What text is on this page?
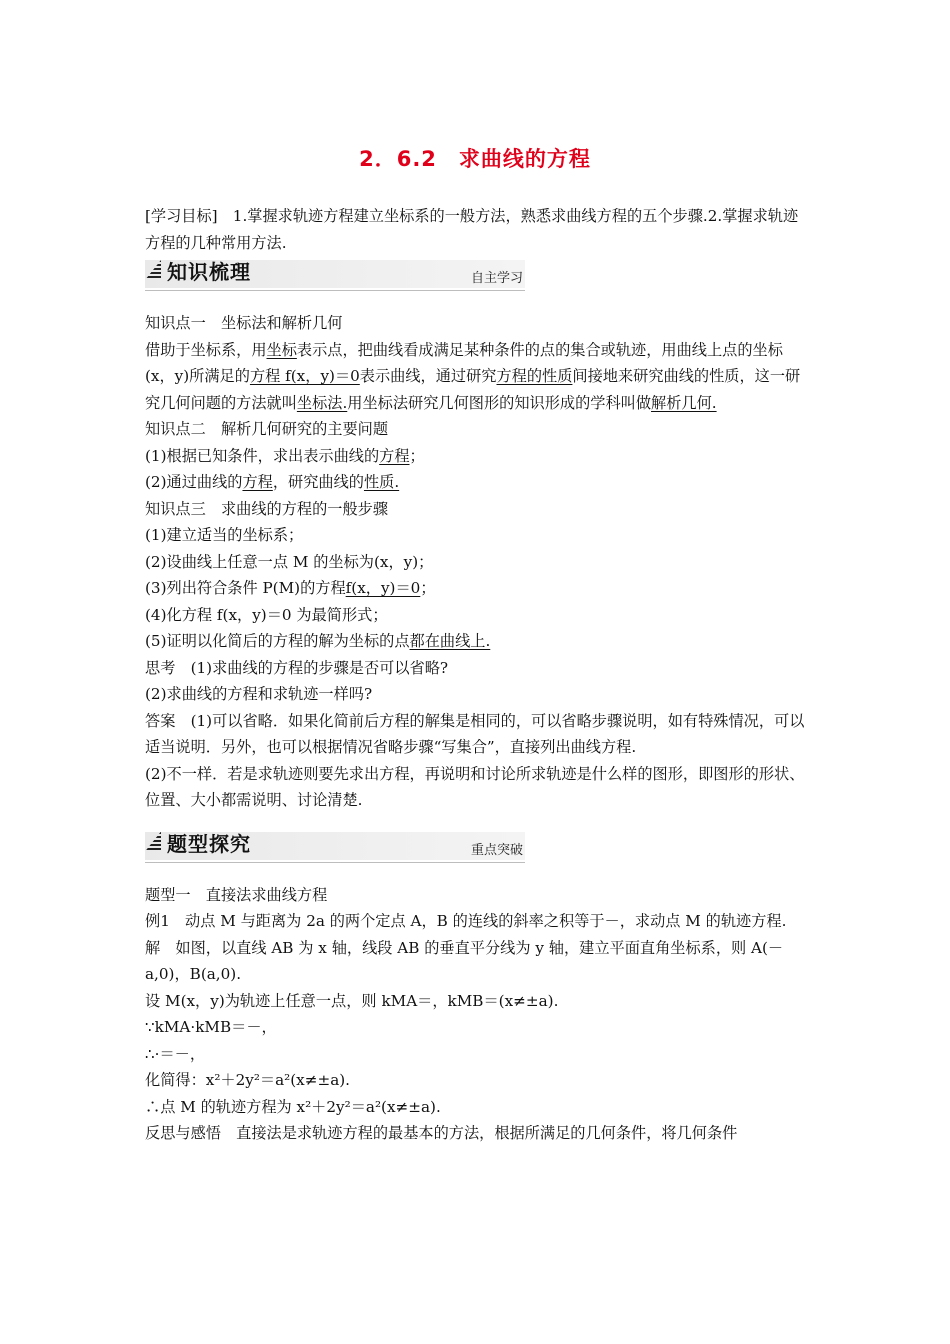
2．6.2　求曲线的方程

[学习目标]　1.掌握求轨迹方程建立坐标系的一般方法，熟悉求曲线方程的五个步骤.2.掌握求轨迹方程的几种常用方法.

知识梳理	自主学习

知识点一　坐标法和解析几何

借助于坐标系，用坐标表示点，把曲线看成满足某种条件的点的集合或轨迹，用曲线上点的坐标(x，y)所满足的方程 f(x，y)＝0表示曲线，通过研究方程的性质间接地来研究曲线的性质，这一研究几何问题的方法就叫坐标法.用坐标法研究几何图形的知识形成的学科叫做解析几何.

知识点二　解析几何研究的主要问题

(1)根据已知条件，求出表示曲线的方程；

(2)通过曲线的方程，研究曲线的性质.

知识点三　求曲线的方程的一般步骤

(1)建立适当的坐标系；

(2)设曲线上任意一点 M 的坐标为(x，y)；

(3)列出符合条件 P(M)的方程f(x，y)＝0；

(4)化方程 f(x，y)＝0 为最简形式；

(5)证明以化简后的方程的解为坐标的点都在曲线上.

思考　(1)求曲线的方程的步骤是否可以省略?

(2)求曲线的方程和求轨迹一样吗?

答案　(1)可以省略．如果化简前后方程的解集是相同的，可以省略步骤说明，如有特殊情况，可以适当说明．另外，也可以根据情况省略步骤“写集合”，直接列出曲线方程.

(2)不一样．若是求轨迹则要先求出方程，再说明和讨论所求轨迹是什么样的图形，即图形的形状、位置、大小都需说明、讨论清楚.

题型探究	重点突破

题型一　直接法求曲线方程

例1　动点 M 与距离为 2a 的两个定点 A，B 的连线的斜率之积等于－，求动点 M 的轨迹方程.

解　如图，以直线 AB 为 x 轴，线段 AB 的垂直平分线为 y 轴，建立平面直角坐标系，则 A(－a,0)，B(a,0).

设 M(x，y)为轨迹上任意一点，则 kMA＝，kMB＝(x≠±a).

∵kMA·kMB＝－，

∴·＝－，

化简得：x²＋2y²＝a²(x≠±a).

∴点 M 的轨迹方程为 x²＋2y²＝a²(x≠±a).

反思与感悟　直接法是求轨迹方程的最基本的方法，根据所满足的几何条件，将几何条件
